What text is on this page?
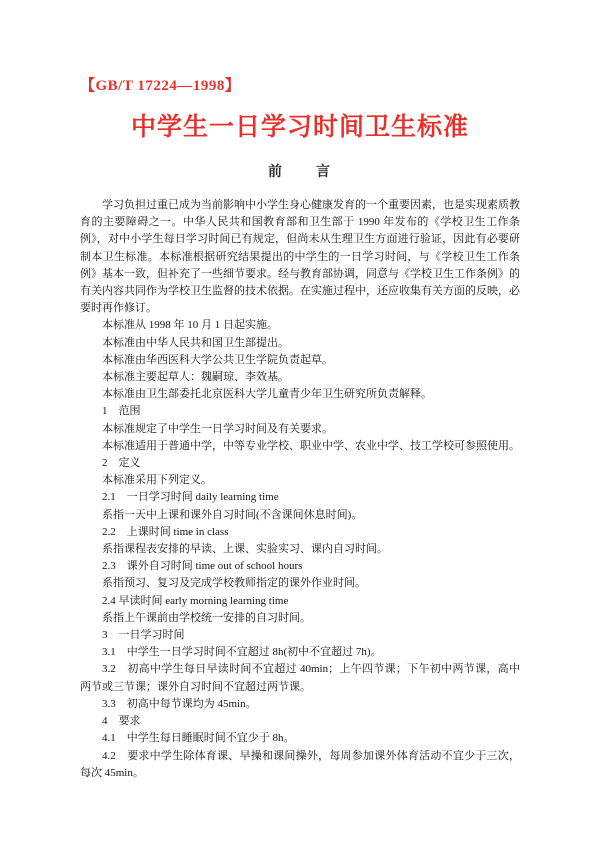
【GB/T 17224—1998】
中学生一日学习时间卫生标准
前　　言

学习负担过重已成为当前影响中小学生身心健康发育的一个重要因素，也是实现素质教育的主要障碍之一。中华人民共和国教育部和卫生部于 1990 年发布的《学校卫生工作条例》，对中小学生每日学习时间已有规定，但尚未从生理卫生方面进行验证，因此有必要研制本卫生标准。本标准根据研究结果提出的中学生的一日学习时间，与《学校卫生工作条例》基本一致，但补充了一些细节要求。经与教育部协调，同意与《学校卫生工作条例》的有关内容共同作为学校卫生监督的技术依据。在实施过程中，还应收集有关方面的反映，必要时再作修订。

本标准从 1998 年 10 月 1 日起实施。

本标准由中华人民共和国卫生部提出。

本标准由华西医科大学公共卫生学院负责起草。

本标准主要起草人：魏嗣琼、李效基。

本标准由卫生部委托北京医科大学儿童青少年卫生研究所负责解释。

1　范围

本标准规定了中学生一日学习时间及有关要求。

本标准适用于普通中学，中等专业学校、职业中学、农业中学、技工学校可参照使用。

2　定义

本标准采用下列定义。

2.1　一日学习时间 daily learning time

系指一天中上课和课外自习时间(不含课间休息时间)。

2.2　上课时间 time in class

系指课程表安排的早读、上课、实验实习、课内自习时间。

2.3　课外自习时间 time out of school hours

系指预习、复习及完成学校教师指定的课外作业时间。

2.4 早读时间 early morning learning time

系指上午课前由学校统一安排的自习时间。

3　一日学习时间

3.1　中学生一日学习时间不宜超过 8h(初中不宜超过 7h)。

3.2　初高中学生每日早读时间不宜超过 40min；上午四节课；下午初中两节课，高中两节或三节课；课外自习时间不宜超过两节课。

3.3　初高中每节课均为 45min。

4　要求

4.1　中学生每日睡眠时间不宜少于 8h。

4.2　要求中学生除体育课、早操和课间操外，每周参加课外体育活动不宜少于三次，每次 45min。
